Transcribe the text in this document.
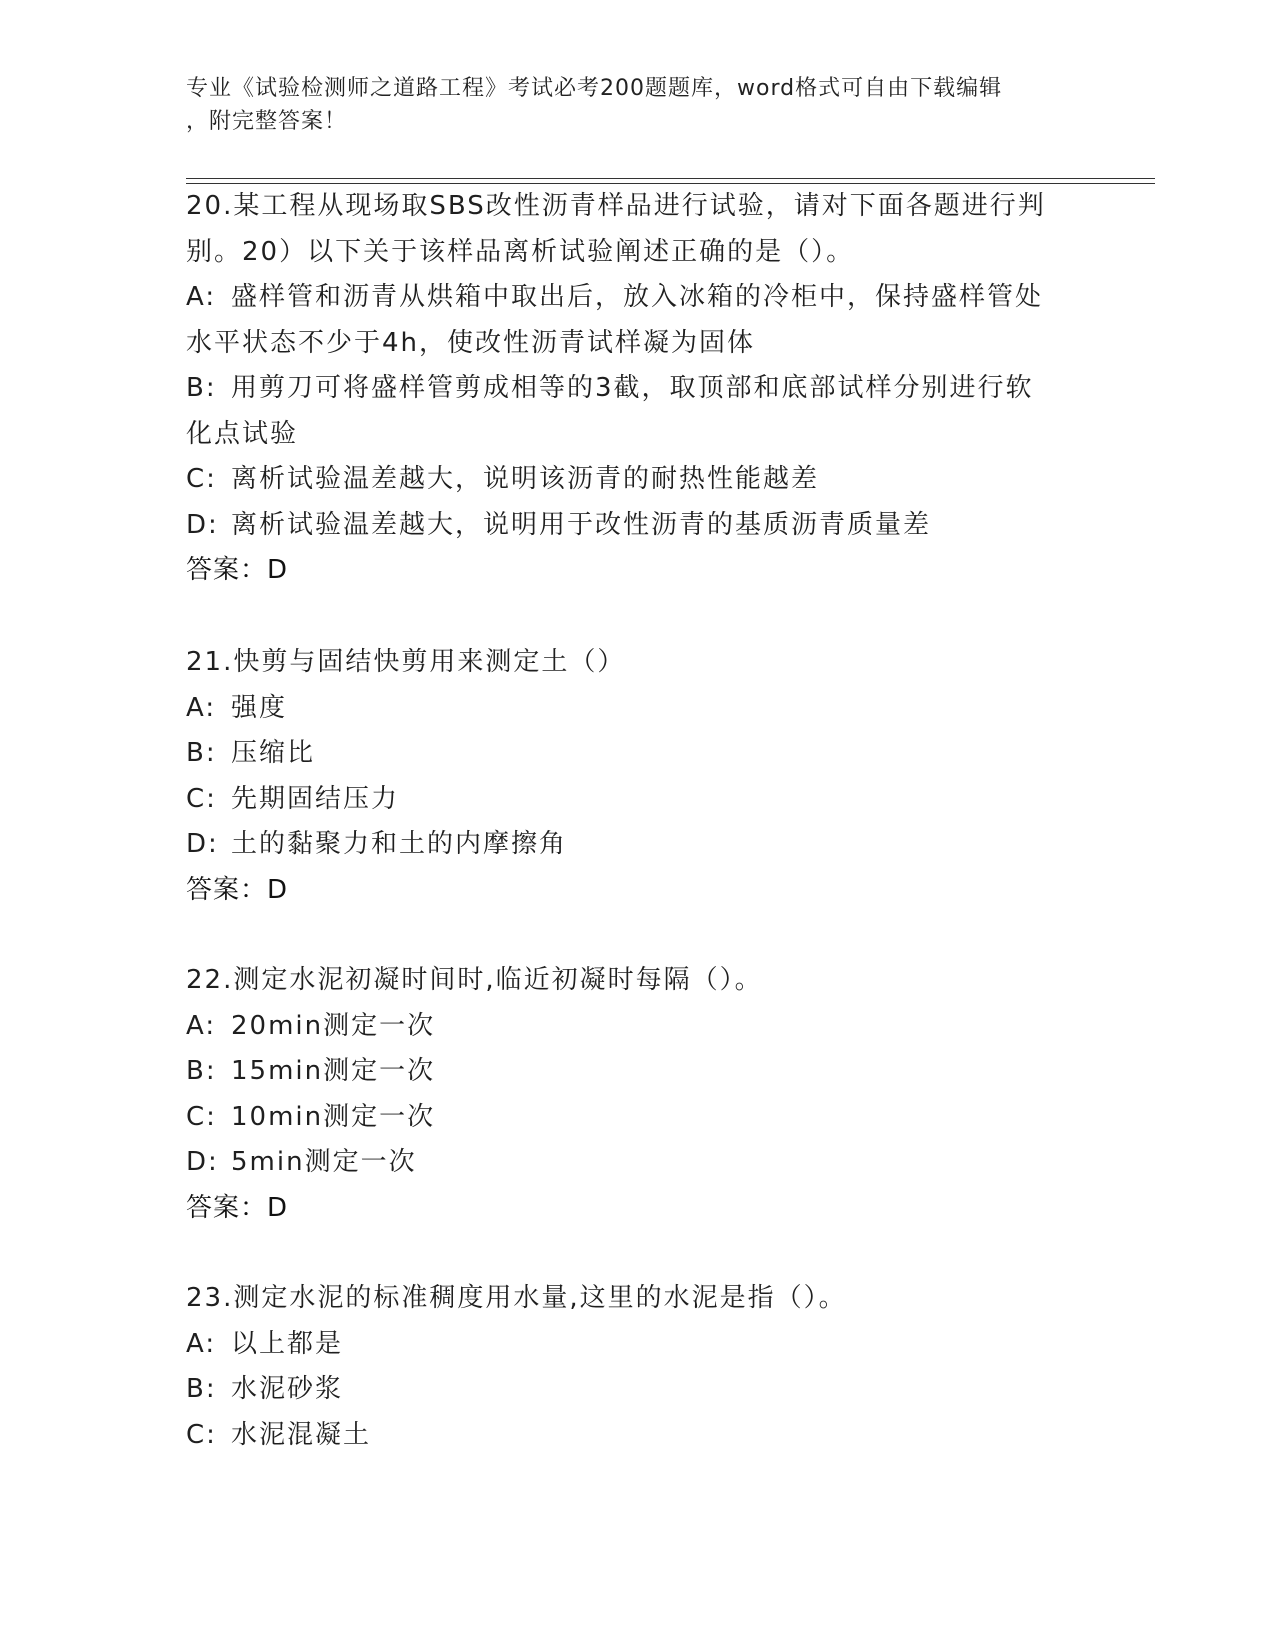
专业《试验检测师之道路工程》考试必考200题题库，word格式可自由下载编辑
，附完整答案！
20.某工程从现场取SBS改性沥青样品进行试验，请对下面各题进行判
别。20）以下关于该样品离析试验阐述正确的是（）。
A: 盛样管和沥青从烘箱中取出后，放入冰箱的冷柜中，保持盛样管处
水平状态不少于4h，使改性沥青试样凝为固体
B: 用剪刀可将盛样管剪成相等的3截，取顶部和底部试样分别进行软
化点试验
C: 离析试验温差越大，说明该沥青的耐热性能越差
D: 离析试验温差越大，说明用于改性沥青的基质沥青质量差
答案：D
21.快剪与固结快剪用来测定土（）
A: 强度
B: 压缩比
C: 先期固结压力
D: 土的黏聚力和土的内摩擦角
答案：D
22.测定水泥初凝时间时,临近初凝时每隔（）。
A: 20min测定一次
B: 15min测定一次
C: 10min测定一次
D: 5min测定一次
答案：D
23.测定水泥的标准稠度用水量,这里的水泥是指（）。
A: 以上都是
B: 水泥砂浆
C: 水泥混凝土
